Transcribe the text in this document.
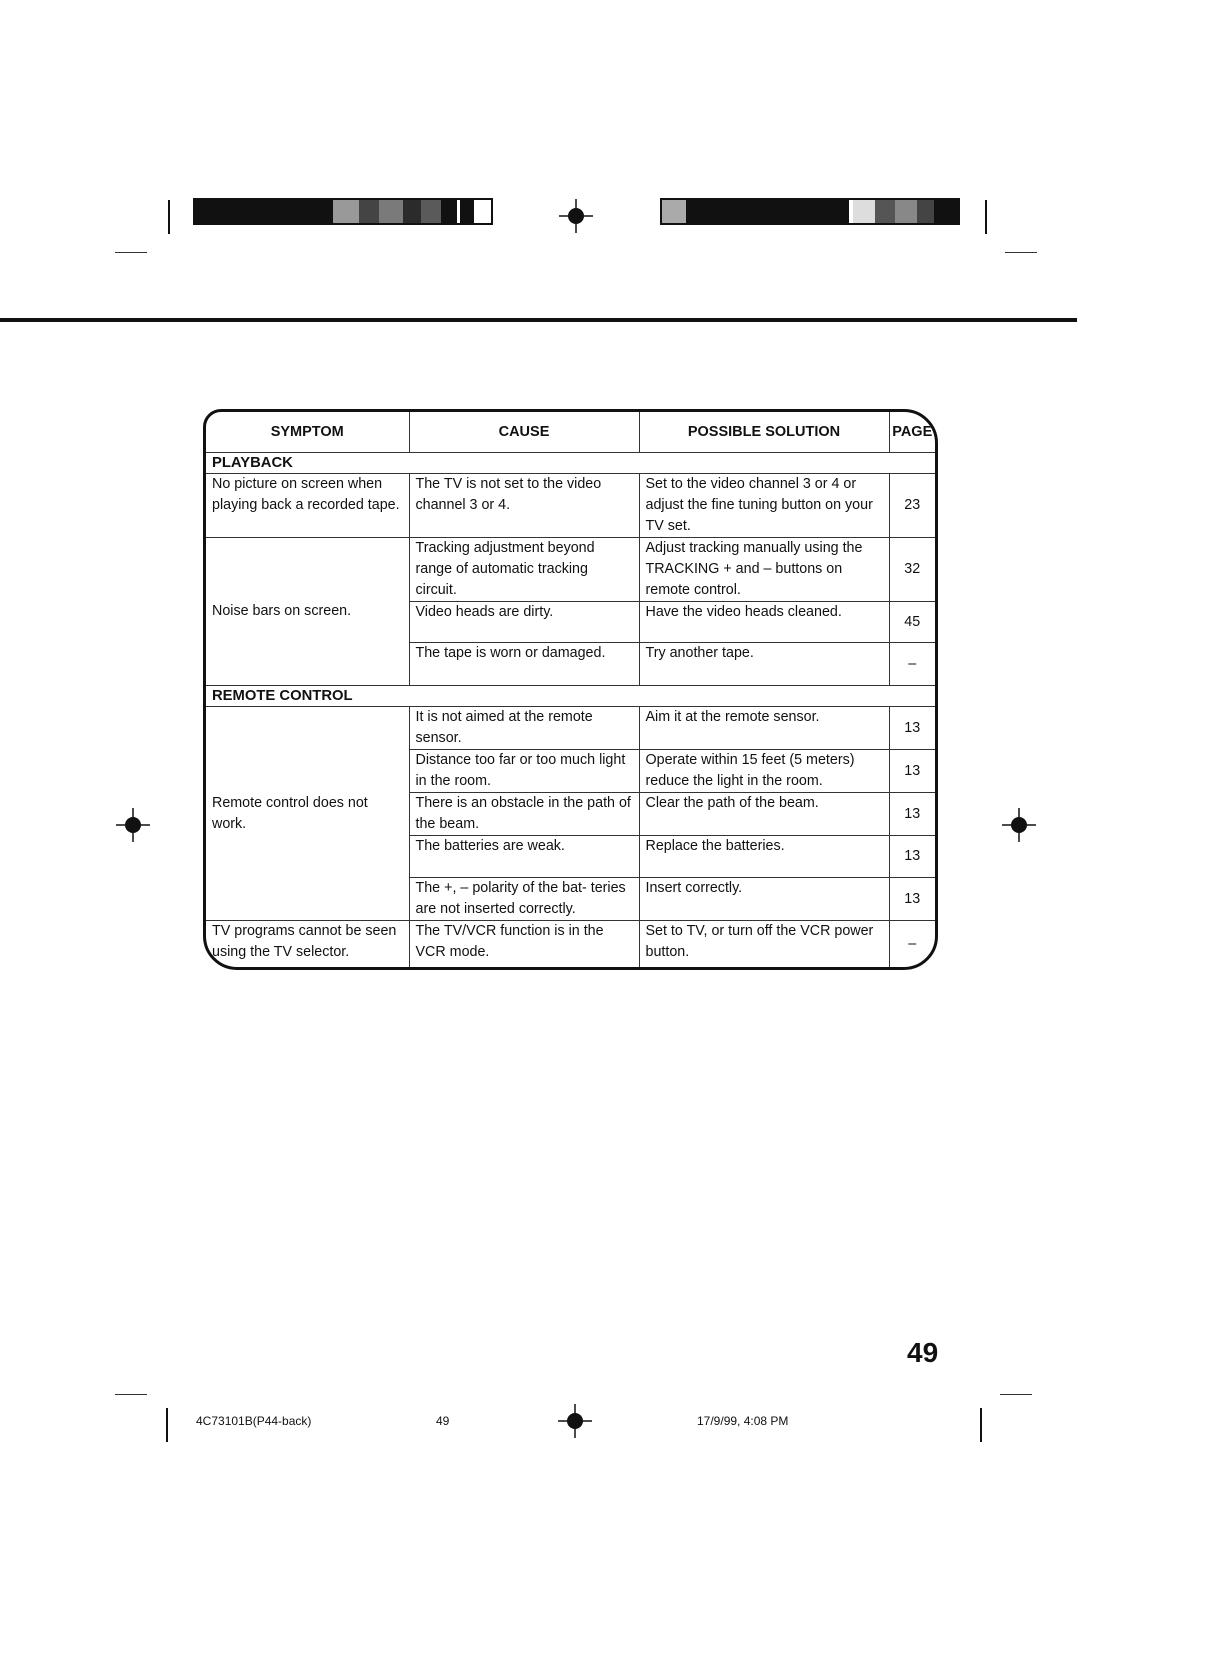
SYMPTOM	CAUSE	POSSIBLE SOLUTION	PAGE
PLAYBACK			
No picture on screen when playing back a recorded tape.	The TV is not set to the video channel 3 or 4.	Set to the video channel 3 or 4 or adjust the fine tuning button on your TV set.	23
Noise bars on screen.	Tracking adjustment beyond range of automatic tracking circuit.	Adjust tracking manually using the TRACKING + and – buttons on remote control.	32
	Video heads are dirty.	Have the video heads cleaned.	45
	The tape is worn or damaged.	Try another tape.	–
REMOTE CONTROL			
Remote control does not work.	It is not aimed at the remote sensor.	Aim it at the remote sensor.	13
	Distance too far or too much light in the room.	Operate within 15 feet (5 meters) reduce the light in the room.	13
	There is an obstacle in the path of the beam.	Clear the path of the beam.	13
	The batteries are weak.	Replace the batteries.	13
	The +, – polarity of the bat- teries are not inserted correctly.	Insert correctly.	13
TV programs cannot be seen using the TV selector.	The TV/VCR function is in the VCR mode.	Set to TV, or turn off the VCR power button.	–
49
4C73101B(P44-back)	49	17/9/99, 4:08 PM
